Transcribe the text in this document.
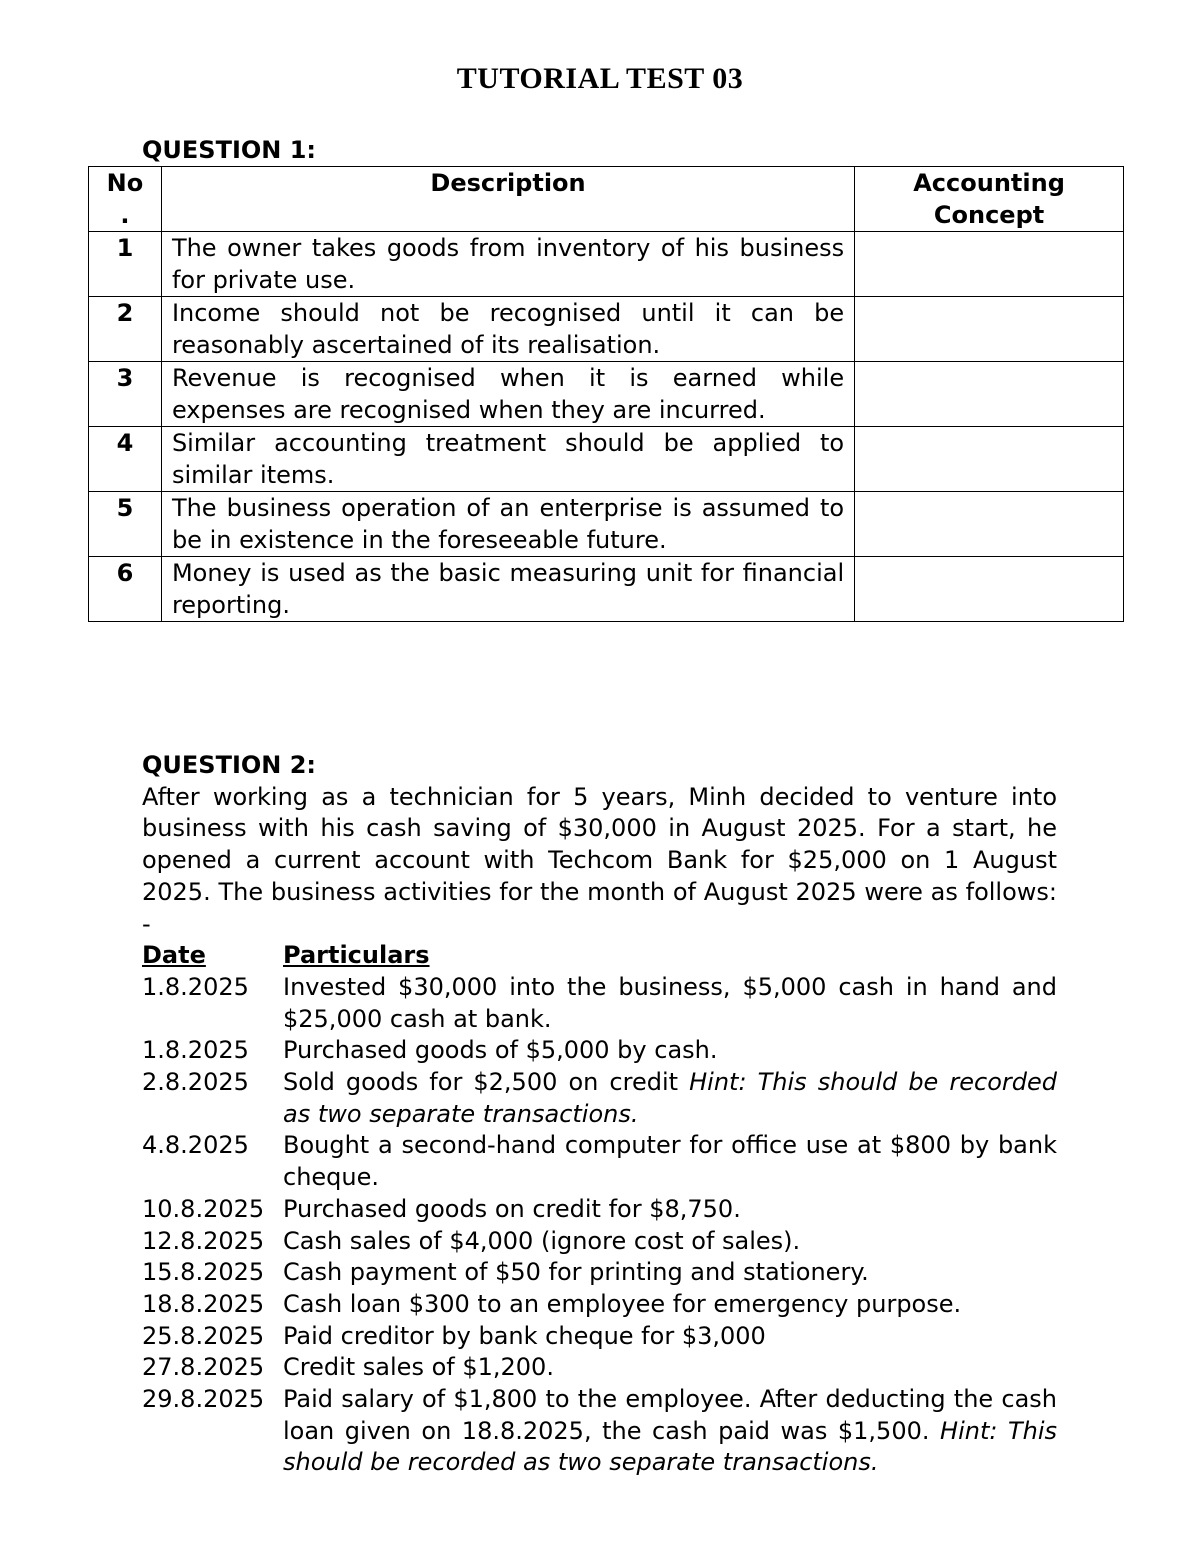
TUTORIAL TEST 03
QUESTION 1:
No
.	Description	Accounting Concept
1	The owner takes goods from inventory of his business for private use.	
2	Income should not be recognised until it can be reasonably ascertained of its realisation.	
3	Revenue is recognised when it is earned while expenses are recognised when they are incurred.	
4	Similar accounting treatment should be applied to similar items.	
5	The business operation of an enterprise is assumed to be in existence in the foreseeable future.	
6	Money is used as the basic measuring unit for financial reporting.	

QUESTION 2:

After working as a technician for 5 years, Minh decided to venture into business with his cash saving of $30,000 in August 2025. For a start, he opened a current account with Techcom Bank for $25,000 on 1 August 2025. The business activities for the month of August 2025 were as follows: -

Date	Particulars
1.8.2025	Invested $30,000 into the business, $5,000 cash in hand and $25,000 cash at bank.
1.8.2025	Purchased goods of $5,000 by cash.
2.8.2025	Sold goods for $2,500 on credit Hint: This should be recorded as two separate transactions.
4.8.2025	Bought a second-hand computer for office use at $800 by bank cheque.
10.8.2025 Purchased goods on credit for $8,750.
12.8.2025 Cash sales of $4,000 (ignore cost of sales).
15.8.2025 Cash payment of $50 for printing and stationery.
18.8.2025 Cash loan $300 to an employee for emergency purpose.
25.8.2025 Paid creditor by bank cheque for $3,000
27.8.2025 Credit sales of $1,200.
29.8.2025 Paid salary of $1,800 to the employee. After deducting the cash loan given on 18.8.2025, the cash paid was $1,500. Hint: This should be recorded as two separate transactions.
